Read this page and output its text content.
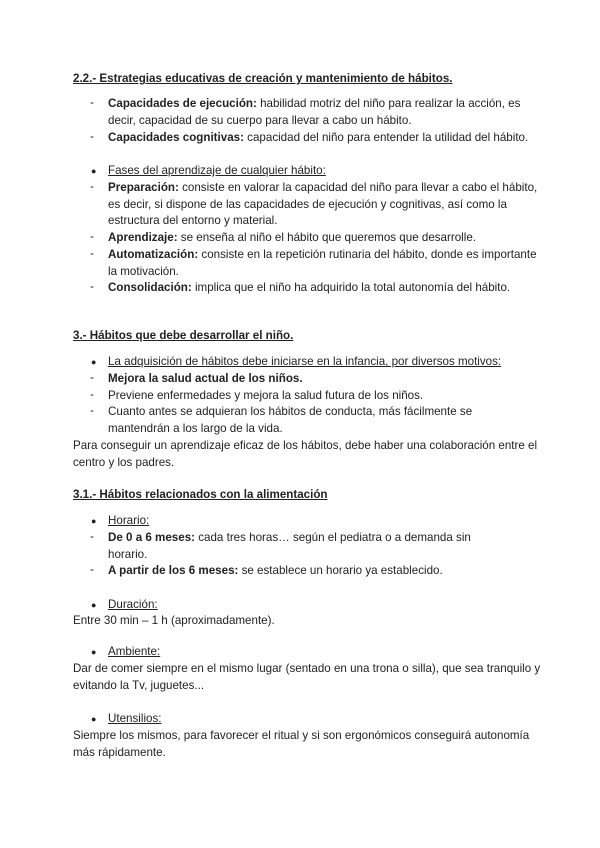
2.2.- Estrategias educativas de creación y mantenimiento de hábitos.
- Capacidades de ejecución: habilidad motriz del niño para realizar la acción, es decir, capacidad de su cuerpo para llevar a cabo un hábito.
- Capacidades cognitivas: capacidad del niño para entender la utilidad del hábito.
● Fases del aprendizaje de cualquier hábito:
- Preparación: consiste en valorar la capacidad del niño para llevar a cabo el hábito, es decir, si dispone de las capacidades de ejecución y cognitivas, así como la estructura del entorno y material.
- Aprendizaje: se enseña al niño el hábito que queremos que desarrolle.
- Automatización: consiste en la repetición rutinaria del hábito, donde es importante la motivación.
- Consolidación: implica que el niño ha adquirido la total autonomía del hábito.
3.- Hábitos que debe desarrollar el niño.
● La adquisición de hábitos debe iniciarse en la infancia, por diversos motivos:
- Mejora la salud actual de los niños.
- Previene enfermedades y mejora la salud futura de los niños.
- Cuanto antes se adquieran los hábitos de conducta, más fácilmente se mantendrán a los largo de la vida.
Para conseguir un aprendizaje eficaz de los hábitos, debe haber una colaboración entre el centro y los padres.
3.1.- Hábitos relacionados con la alimentación
● Horario:
- De 0 a 6 meses: cada tres horas… según el pediatra o a demanda sin horario.
- A partir de los 6 meses: se establece un horario ya establecido.
● Duración:
Entre 30 min – 1 h (aproximadamente).
● Ambiente:
Dar de comer siempre en el mismo lugar (sentado en una trona o silla), que sea tranquilo y evitando la Tv, juguetes...
● Utensilios:
Siempre los mismos, para favorecer el ritual y si son ergonómicos conseguirá autonomía más rápidamente.
